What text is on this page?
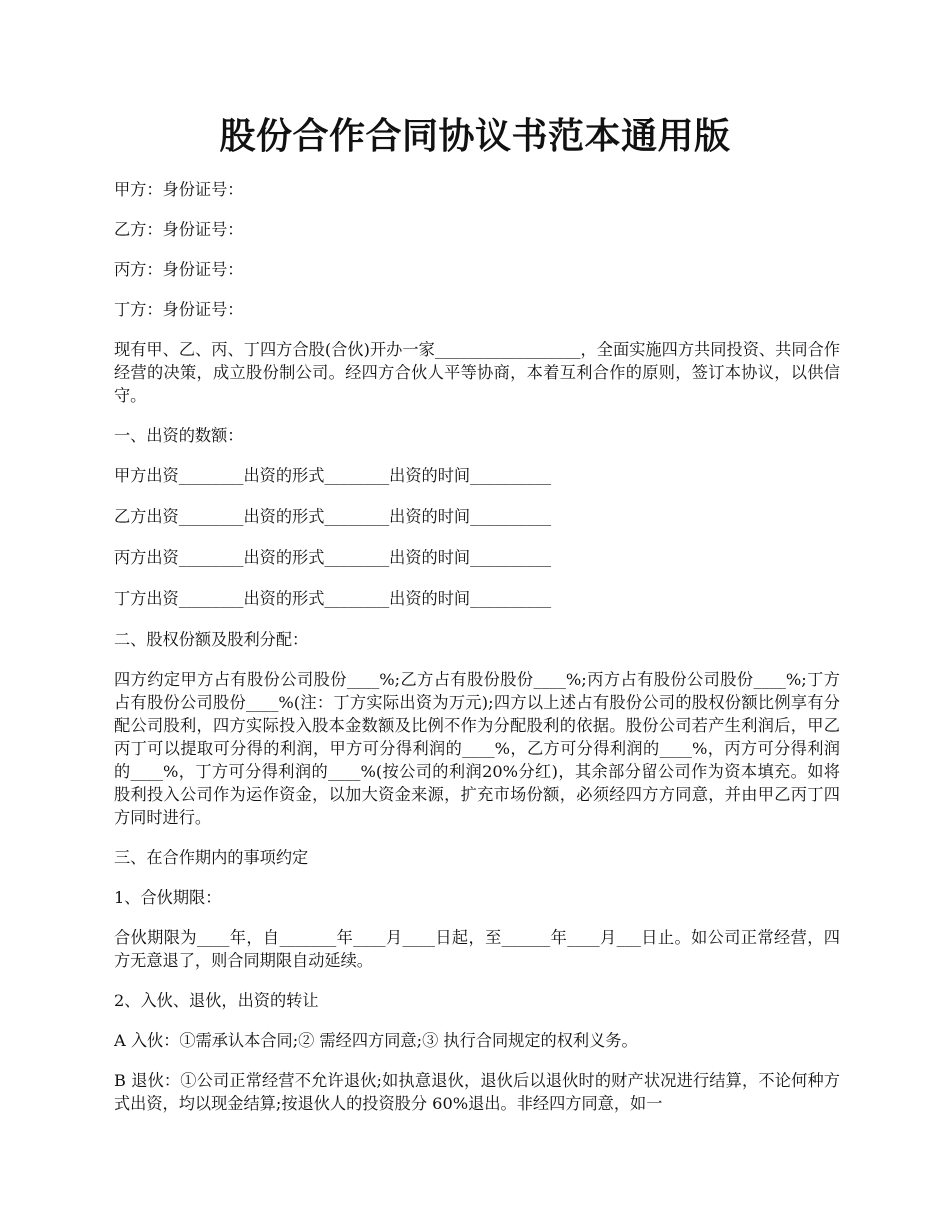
股份合作合同协议书范本通用版

甲方：身份证号：

乙方：身份证号：

丙方：身份证号：

丁方：身份证号：

现有甲、乙、丙、丁四方合股(合伙)开办一家__________________，全面实施四方共同投资、共同合作经营的决策，成立股份制公司。经四方合伙人平等协商，本着互利合作的原则，签订本协议，以供信守。

一、出资的数额：

甲方出资________出资的形式________出资的时间__________

乙方出资________出资的形式________出资的时间__________

丙方出资________出资的形式________出资的时间__________

丁方出资________出资的形式________出资的时间__________

二、股权份额及股利分配：

四方约定甲方占有股份公司股份____%;乙方占有股份股份____%;丙方占有股份公司股份____%;丁方占有股份公司股份____%(注：丁方实际出资为万元);四方以上述占有股份公司的股权份额比例享有分配公司股利，四方实际投入股本金数额及比例不作为分配股利的依据。股份公司若产生利润后，甲乙丙丁可以提取可分得的利润，甲方可分得利润的____%，乙方可分得利润的____%，丙方可分得利润的____%，丁方可分得利润的____%(按公司的利润20%分红)，其余部分留公司作为资本填充。如将股利投入公司作为运作资金，以加大资金来源，扩充市场份额，必须经四方方同意，并由甲乙丙丁四方同时进行。

三、在合作期内的事项约定

1、合伙期限：

合伙期限为____年，自_______年____月____日起，至______年____月___日止。如公司正常经营，四方无意退了，则合同期限自动延续。

2、入伙、退伙，出资的转让

A 入伙：①需承认本合同;② 需经四方同意;③ 执行合同规定的权利义务。

B 退伙：①公司正常经营不允许退伙;如执意退伙，退伙后以退伙时的财产状况进行结算，不论何种方式出资，均以现金结算;按退伙人的投资股分 60%退出。非经四方同意，如一
